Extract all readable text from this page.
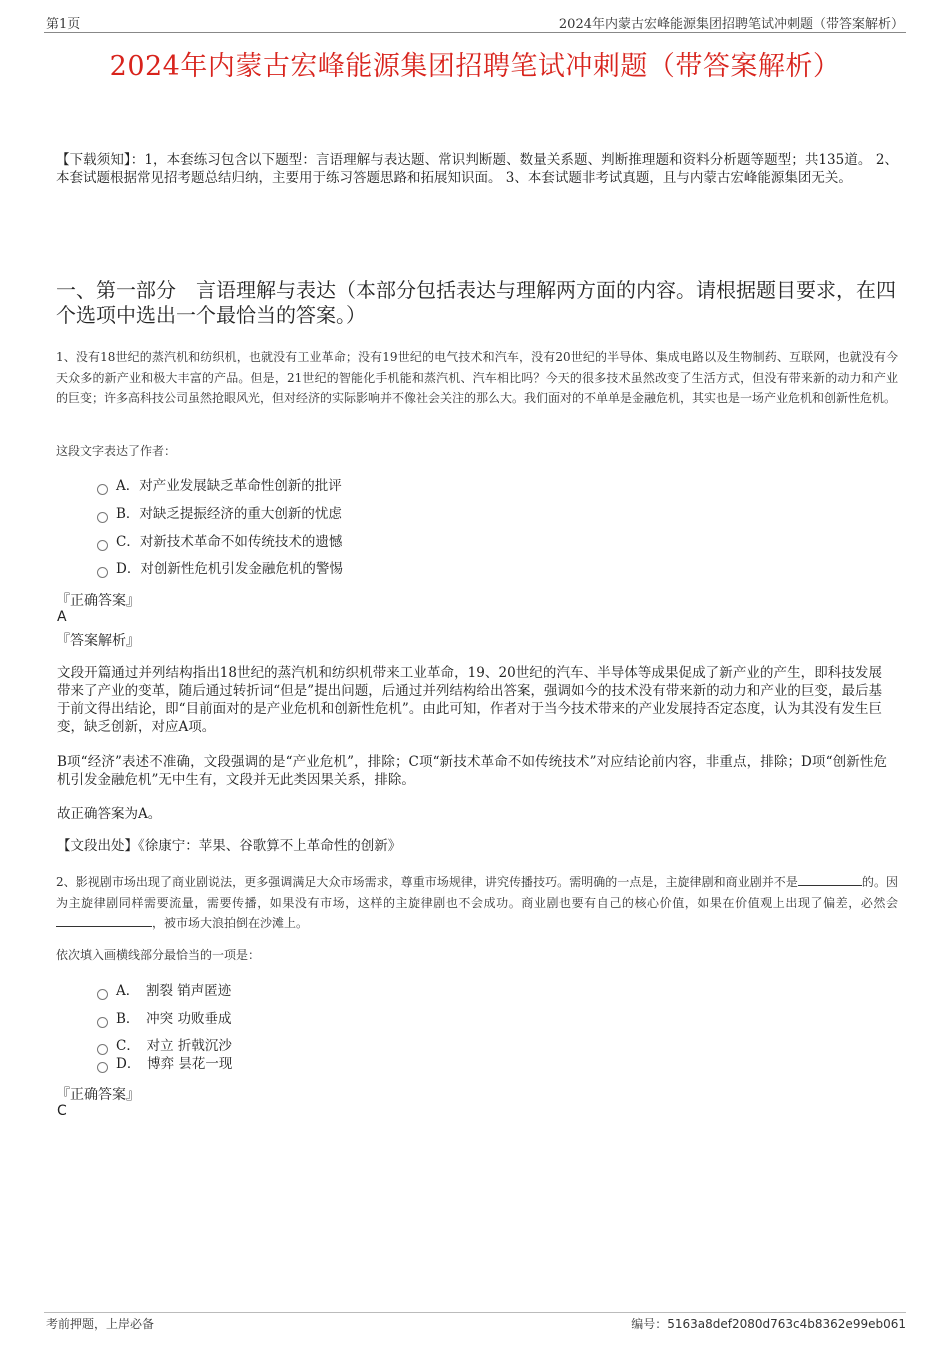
第1页	2024年内蒙古宏峰能源集团招聘笔试冲刺题（带答案解析）
2024年内蒙古宏峰能源集团招聘笔试冲刺题（带答案解析）
【下载须知】：1，本套练习包含以下题型：言语理解与表达题、常识判断题、数量关系题、判断推理题和资料分析题等题型；共135道。 2、本套试题根据常见招考题总结归纳，主要用于练习答题思路和拓展知识面。 3、本套试题非考试真题，且与内蒙古宏峰能源集团无关。
一、第一部分　言语理解与表达（本部分包括表达与理解两方面的内容。请根据题目要求，在四个选项中选出一个最恰当的答案。）
1、没有18世纪的蒸汽机和纺织机，也就没有工业革命；没有19世纪的电气技术和汽车，没有20世纪的半导体、集成电路以及生物制药、互联网，也就没有今天众多的新产业和极大丰富的产品。但是，21世纪的智能化手机能和蒸汽机、汽车相比吗？今天的很多技术虽然改变了生活方式，但没有带来新的动力和产业的巨变；许多高科技公司虽然抢眼风光，但对经济的实际影响并不像社会关注的那么大。我们面对的不单单是金融危机，其实也是一场产业危机和创新性危机。
这段文字表达了作者：
A．对产业发展缺乏革命性创新的批评
B．对缺乏提振经济的重大创新的忧虑
C．对新技术革命不如传统技术的遗憾
D．对创新性危机引发金融危机的警惕
『正确答案』
A
『答案解析』
文段开篇通过并列结构指出18世纪的蒸汽机和纺织机带来工业革命，19、20世纪的汽车、半导体等成果促成了新产业的产生，即科技发展带来了产业的变革，随后通过转折词“但是”提出问题，后通过并列结构给出答案，强调如今的技术没有带来新的动力和产业的巨变，最后基于前文得出结论，即“目前面对的是产业危机和创新性危机”。由此可知，作者对于当今技术带来的产业发展持否定态度，认为其没有发生巨变，缺乏创新，对应A项。
B项“经济”表述不准确，文段强调的是“产业危机”，排除；C项“新技术革命不如传统技术”对应结论前内容，非重点，排除；D项“创新性危机引发金融危机”无中生有，文段并无此类因果关系，排除。
故正确答案为A。
【文段出处】《徐康宁：苹果、谷歌算不上革命性的创新》
2、影视剧市场出现了商业剧说法，更多强调满足大众市场需求，尊重市场规律，讲究传播技巧。需明确的一点是，主旋律剧和商业剧并不是	的。因为主旋律剧同样需要流量，需要传播，如果没有市场，这样的主旋律剧也不会成功。商业剧也要有自己的核心价值，如果在价值观上出现了偏差，必然会，被市场大浪拍倒在沙滩上。
依次填入画横线部分最恰当的一项是：
A．　割裂 销声匿迹
B．　冲突 功败垂成
C．　对立 折戟沉沙
D．　博弈 昙花一现
『正确答案』
C
考前押题，上岸必备	编号：5163a8def2080d763c4b8362e99eb061
